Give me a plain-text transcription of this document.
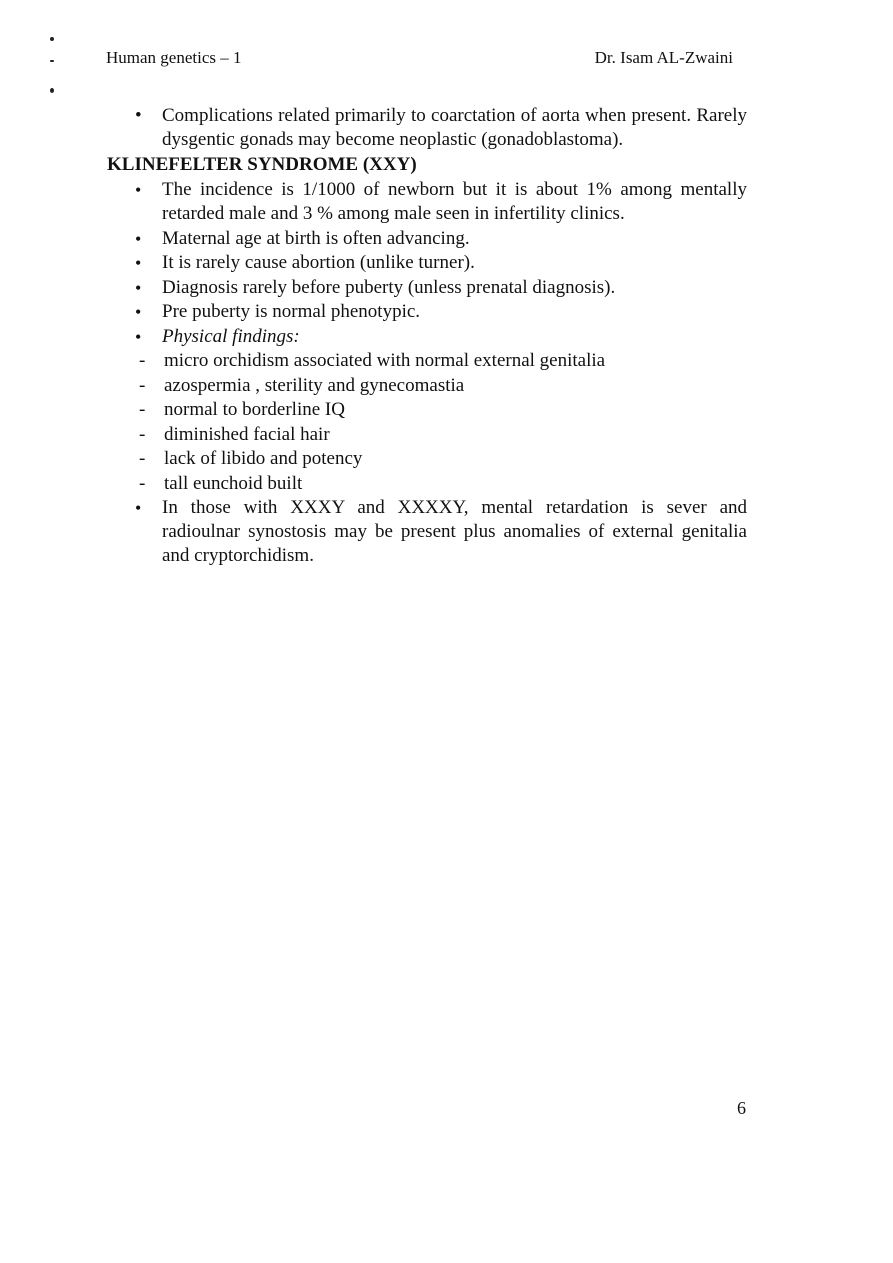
Human genetics – 1	Dr. Isam AL-Zwaini
• Complications related primarily to coarctation of aorta when present. Rarely dysgentic gonads may become neoplastic (gonadoblastoma).
KLINEFELTER SYNDROME (XXY)
• The incidence is 1/1000 of newborn but it is about 1% among mentally retarded male and 3 % among male seen in infertility clinics.
• Maternal age at birth is often advancing.
• It is rarely cause abortion (unlike turner).
• Diagnosis rarely before puberty (unless prenatal diagnosis).
• Pre puberty is normal phenotypic.
• Physical findings:
- micro orchidism associated with normal external genitalia
- azospermia , sterility and gynecomastia
- normal to borderline IQ
- diminished facial hair
- lack of libido and potency
- tall eunchoid built
• In those with XXXY and XXXXY, mental retardation is sever and radioulnar synostosis may be present plus anomalies of external genitalia and cryptorchidism.
6
